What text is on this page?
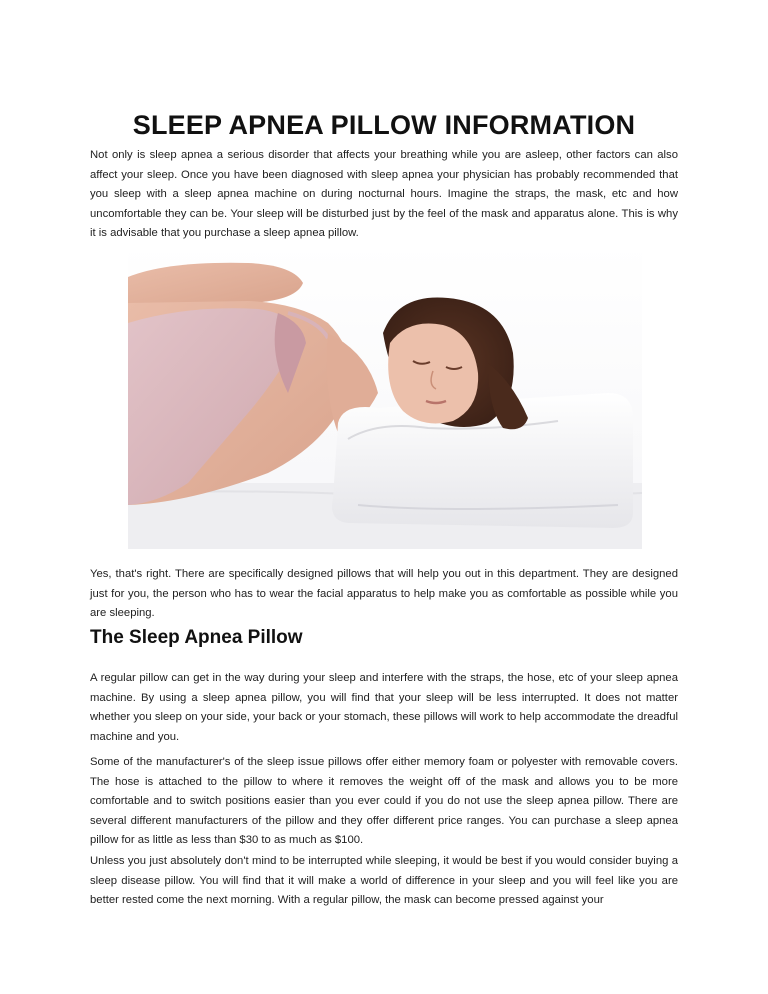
SLEEP APNEA PILLOW INFORMATION

Not only is sleep apnea a serious disorder that affects your breathing while you are asleep, other factors can also affect your sleep. Once you have been diagnosed with sleep apnea your physician has probably recommended that you sleep with a sleep apnea machine on during nocturnal hours. Imagine the straps, the mask, etc and how uncomfortable they can be. Your sleep will be disturbed just by the feel of the mask and apparatus alone. This is why it is advisable that you purchase a sleep apnea pillow.

Yes, that's right. There are specifically designed pillows that will help you out in this department. They are designed just for you, the person who has to wear the facial apparatus to help make you as comfortable as possible while you are sleeping.

The Sleep Apnea Pillow

A regular pillow can get in the way during your sleep and interfere with the straps, the hose, etc of your sleep apnea machine. By using a sleep apnea pillow, you will find that your sleep will be less interrupted. It does not matter whether you sleep on your side, your back or your stomach, these pillows will work to help accommodate the dreadful machine and you.

Some of the manufacturer's of the sleep issue pillows offer either memory foam or polyester with removable covers. The hose is attached to the pillow to where it removes the weight off of the mask and allows you to be more comfortable and to switch positions easier than you ever could if you do not use the sleep apnea pillow. There are several different manufacturers of the pillow and they offer different price ranges. You can purchase a sleep apnea pillow for as little as less than $30 to as much as $100.

Unless you just absolutely don't mind to be interrupted while sleeping, it would be best if you would consider buying a sleep disease pillow. You will find that it will make a world of difference in your sleep and you will feel like you are better rested come the next morning. With a regular pillow, the mask can become pressed against your
